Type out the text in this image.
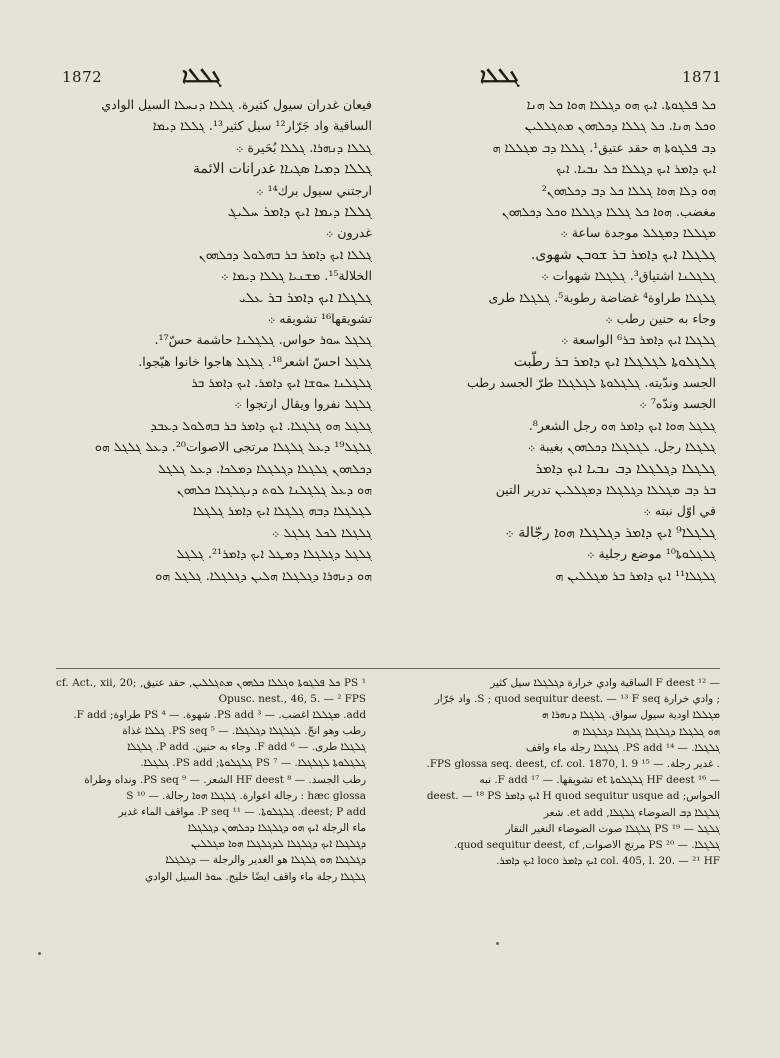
1872	ܓܠܠܐ	ܓܠܠܐ	1871

فيعان غدران سيول كثيرة. ܓܠܠܐ ܕܢܚܠܐ السيل الوادي

الساقية واد جَرّار¹² سيل كثير¹³. ܓܠܠܐ ܕܝܡܐ

ܓܠܠܐ ܕܢܗܪܐ. ܓܠܠܐ بُحَيرة ܀

ܓܠܠܐ ܕܡܝܐ ܣܓܝܐܐ غدرانات الائمة

ارجتني سيول برك¹⁴ ܀

ܓܠܠܐ ܕܝܡܐ ܐܝܟ ܕܐܡܪ ܚܠܝܓ

غدرون ܀

ܓܠܠܐ ܐܝܟ ܕܐܡܪ ܒܪ ܒܗܠܘܠ ܕܟܠܗܘܢ

الخلالة¹⁵. ܡܫܢܝܐ ܓܠܠܐ ܕܝܡܐ ܀

ܓܠܓܠܐ ܐܝܟ ܕܐܡܪ ܒܪ ܥܠܝ

تشويقها¹⁶ تشويقه ܀

ܓܠܓܠ ܚܘܪ حواس. ܓܠܓܠܢܐ حاشمة حسّ¹⁷.

ܓܠܓܠ احسّ اشعر¹⁸. ܓܠܓܠ هاجوا خانوا هيّجوا.

ܓܠܓܠܢܐ ܚܘܫܐ ܐܝܟ ܕܐܡܪ. ܐܝܟ ܕܐܡܪ ܒܪ

ܓܠܓܠ نفروا ويقال ارتجوا ܀

ܓܠܓܠ ܗܘ ܓܠܓܠܐ. ܐܝܟ ܕܐܡܪ ܒܪ ܒܗܠܘܠ ܕܥܒܕ

ܓܠܓܠ¹⁹ ܕܥܠ ܓܠܓܠܐ مرتجى الاصوات²⁰. ܕܥܠ ܓܠܓܠ ܗܘ

ܕܟܠܗܘܢ ܓܠܓܠܐ ܕܓܠܓܠܐ ܕܡܠܟܐ. ܕܥܠ ܓܠܓܠ

ܗܘ ܕܥܠ ܓܠܓܠܢܐ ܠܘܬ ܕܢܓܠܓܠܐ ܟܠܗܘܢ

ܠܓܠܓܠܐ ܕܒܗ ܓܠܓܠܐ ܐܝܟ ܕܐܡܪ ܓܠܓܠܐ

ܓܠܓܠܐ ܠܟܠ ܓܠܓܠ ܀

ܓܠܓܠ ܕܓܠܓܠܐ ܕܡܛܠ ܐܝܟ ܕܐܡܪ²¹. ܓܠܓܠ

ܗܘ ܕܢܗܪܐ ܕܓܠܓܠܐ ܗܠܝܢ ܕܓܠܓܠܐ. ܓܠܓܠ ܗܘ

ܟܠ ܦܠܓܘܬܐ. ܐܝܟ ܗܘ ܕܓܠܠܐ ܗܘܐ ܟܠ ܗܢܐ

ܘܟܠ ܗܢܐ. ܟܠ ܓܠܠܐ ܕܟܠܗܘܢ ܡܬܓܠܠܝܢ

ܕܒ ܦܠܓܘܬܐ ܗ حقد عتيق¹. ܓܠܠܐ ܕܒ ܡܓܠܠܐ ܗ

ܐܝܟ ܕܐܡܪ ܐܝܟ ܕܓܠܠܐ ܟܠ ܢܒܝܐ. ܐܝܟ

ܗܘ ܕܠܐ ܗܘܐ ܓܠܠܐ ܟܠ ܕܒ ܕܟܠܗܘܢ²

مغضب. ܗܘܐ ܟܠ ܓܠܠܐ ܕܓܠܠܐ ܘܟܠ ܕܟܠܗܘܢ

ܡܓܠܠܐ ܕܡܓܠܠ موجدة ساعة ܀

ܓܠܓܠܐ ܐܝܟ ܕܐܡܪ ܒܪ ܫܘܒܢ شهوی.

ܓܠܓܠܢܐ اشتياق³. ܓܠܓܠܐ شهوات ܀

ܓܠܓܠܐ طراوة⁴ غضاضة رطوبة⁵. ܓܠܓܠܐ طری

وجاء به حنين رطب ܀

ܓܠܓܠܐ ܐܝܟ ܕܐܡܪ ܒܪ⁶ الواسعة ܀

ܓܠܓܠܘܬܐ ܠܓܠܓܠܐ ܐܝܟ ܕܐܡܪ ܒܪ رطّبت

الجسد وندّيته. ܓܠܓܠܘܬܐ ܠܓܠܓܠܐ طرّ الجسد رطب

الجسد وندّه⁷ ܀

ܓܠܓܠ ܗܘܐ ܐܝܟ ܕܐܡܪ ܗܘ رجل الشعر⁸.

ܓܠܓܠܐ رجل. ܠܓܠܓܠܐ ܕܟܠܗܘܢ بغيبة ܀

ܓܠܓܠܐ ܕܓܠܓܠܐ ܕܒ ܢܒܝܐ ܐܝܟ ܕܐܡܪ

ܒܪ ܕܒ ܡܓܠܠܐ ܕܓܠܓܠܐ ܕܡܓܠܠܝܢ تدرير التين

في اوّل نبته ܀

ܓܠܓܠܐ⁹ ܐܝܟ ܕܐܡܪ ܕܓܠܓܠܐ ܗܘܐ رجّالة ܀

ܓܠܓܠܘܬܐ¹⁰ موضع رجلية ܀

ܓܠܓܠܐ¹¹ ܐܝܟ ܕܐܡܪ ܒܪ ܡܓܠܠܝܢ ܗ

¹ PS ܟܠ ܦܠܓܘܬܐ ܘܓܠܠܐ ܟܠܗܘܢ ܡܬܓܠܠܝܢ, حقد عتيق, cf. Act., xii, 20; Opusc. nest., 46, 5. — ² FPS

add. ܡܓܠܠܐ اغضب. — ³ PS add. شهوة. — ⁴ PS طراوة; F add.

رطب وهو انحّ. ܠܓܠܓܠܐ ܕܓܠܓܠܐ. — ⁵ PS seq. ܓܠܠܐ غذاة

ܓܠܓܠܐ طری. — ⁶ F add. وجاء به حنين. P add. ܓܠܓܠܐ

ܓܠܓܠܘܬܐ ܠܓܠܓܠܐ. — ⁷ PS ܓܠܓܠܘܬܐ; PS add. ܓܠܓܠܐ.

رطب الجسد. — ⁸ HF deest الشعر. — ⁹ PS seq. ونداه وطراة

hæc glossa : رجالة اعوارة. ܓܠܓܠܐ ܗܘܐ رجالة. — ¹⁰ S

deest; P add. ܓܠܓܠܘܬܐ. — ¹¹ P seq. مواقف الماء غدير

ماء الرجلة ܐܝܟ ܗܘ ܕܓܠܓܠܐ ܕܟܠܗܘܢ ܕܓܠܓܠܐ

ܕܓܠܓܠܐ ܐܝܟ ܕܓܠܓܠܐ ܠܕܓܠܓܠܐ ܗܘܐ ܡܓܠܠܝܢ

ܕܓܠܓܠܐ ܗܘ ܓܠܓܠܐ هو الغدير والرجلة — ܕܓܠܓܠܐ

ܓܠܓܠܐ رجلة ماء واقف ايضًا خليج. ܚܘܪ السيل الوادي

— ¹² F deest الساقية وادي خرارة ܕܓܠܓܠܐ سيل كثير

; وادي خرارة S ; quod sequitur deest. — ¹³ F seq. واد جَرّار

ܡܓܠܠܐ اودية سيول سواق. ܓܠܓܠܐ ܕܢܗܪܐ ܗ

ܗܘ ܓܠܓܠܐ ܕܓܠܓܠܐ ܓܠܓܠܐ ܕܓܠܓܠܐ ܗ

ܓܠܓܠܐ. — ¹⁴ PS add. ܓܠܓܠܐ رجلة ماء واقف

. غدير رجلة. — ¹⁵ FPS glossa seq. deest, cf. col. 1870, l. 9.

— ¹⁶ HF deest ܓܠܓܠܘܬܐ et تشويقها. — ¹⁷ F add. نبه

الحواس; H quod sequitur usque ad ܐܝܟ ܕܐܡܪ deest. — ¹⁸ PS

ܓܠܓܠܐ ܕܒ الضوضاء ܓܠܓܠܐ, et add. شعر

ܓܠܓܠ — ¹⁹ PS ܓܠܓܠܐ صوت الضوضاء النغير النقار

ܓܠܓܠܐ. — ²⁰ PS مرتج الاصوات, quod sequitur deest, cf.

col. 405, l. 20. — ²¹ HF ܐܝܟ ܕܐܡܪ loco ܐܝܟ ܕܐܡܪ.
